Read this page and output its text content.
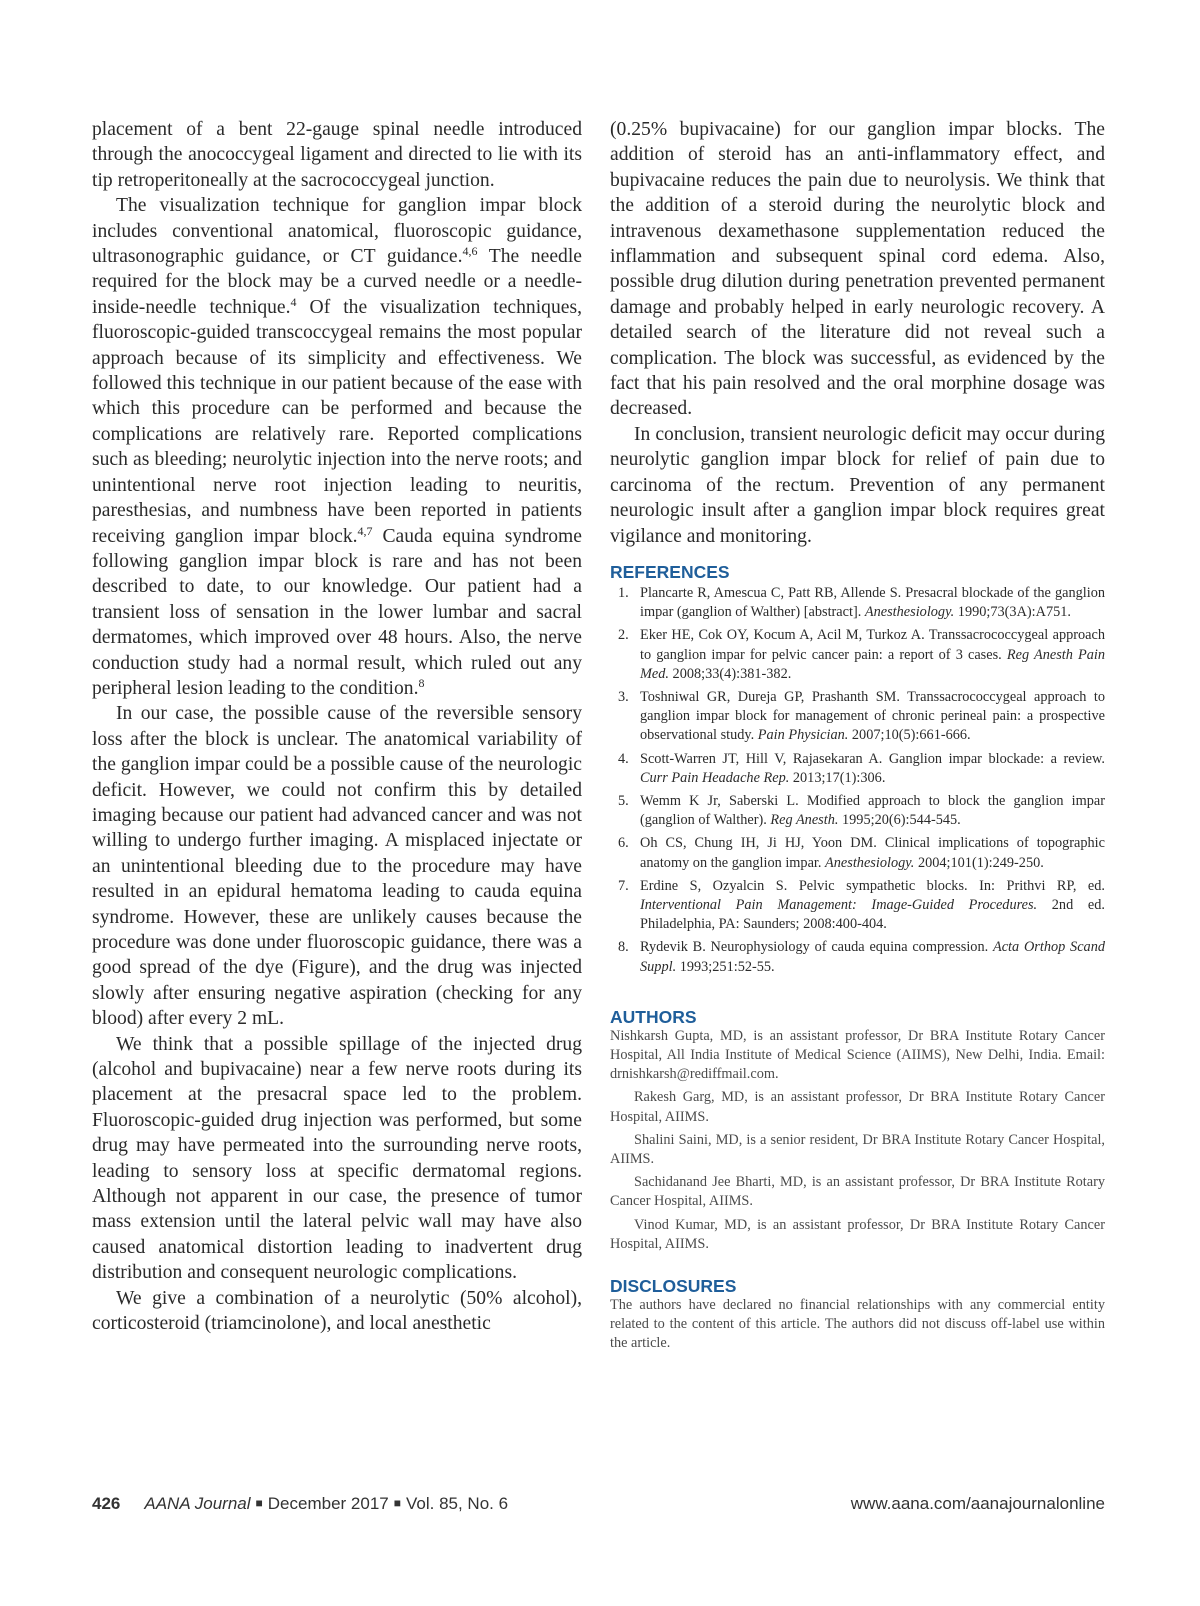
placement of a bent 22-gauge spinal needle introduced through the anococcygeal ligament and directed to lie with its tip retroperitoneally at the sacrococcygeal junction.

The visualization technique for ganglion impar block includes conventional anatomical, fluoroscopic guidance, ultrasonographic guidance, or CT guidance.$^{4,6}$ The needle required for the block may be a curved needle or a needle-inside-needle technique.$^4$ Of the visualization techniques, fluoroscopic-guided transcoccygeal remains the most popular approach because of its simplicity and effectiveness. We followed this technique in our patient because of the ease with which this procedure can be performed and because the complications are relatively rare. Reported complications such as bleeding; neurolytic injection into the nerve roots; and unintentional nerve root injection leading to neuritis, paresthesias, and numbness have been reported in patients receiving ganglion impar block.$^{4,7}$ Cauda equina syndrome following ganglion impar block is rare and has not been described to date, to our knowledge. Our patient had a transient loss of sensation in the lower lumbar and sacral dermatomes, which improved over 48 hours. Also, the nerve conduction study had a normal result, which ruled out any peripheral lesion leading to the condition.$^8$

In our case, the possible cause of the reversible sensory loss after the block is unclear. The anatomical variability of the ganglion impar could be a possible cause of the neurologic deficit. However, we could not confirm this by detailed imaging because our patient had advanced cancer and was not willing to undergo further imaging. A misplaced injectate or an unintentional bleeding due to the procedure may have resulted in an epidural hematoma leading to cauda equina syndrome. However, these are unlikely causes because the procedure was done under fluoroscopic guidance, there was a good spread of the dye (Figure), and the drug was injected slowly after ensuring negative aspiration (checking for any blood) after every 2 mL.

We think that a possible spillage of the injected drug (alcohol and bupivacaine) near a few nerve roots during its placement at the presacral space led to the problem. Fluoroscopic-guided drug injection was performed, but some drug may have permeated into the surrounding nerve roots, leading to sensory loss at specific dermatomal regions. Although not apparent in our case, the presence of tumor mass extension until the lateral pelvic wall may have also caused anatomical distortion leading to inadvertent drug distribution and consequent neurologic complications.

We give a combination of a neurolytic (50% alcohol), corticosteroid (triamcinolone), and local anesthetic

(0.25% bupivacaine) for our ganglion impar blocks. The addition of steroid has an anti-inflammatory effect, and bupivacaine reduces the pain due to neurolysis. We think that the addition of a steroid during the neurolytic block and intravenous dexamethasone supplementation reduced the inflammation and subsequent spinal cord edema. Also, possible drug dilution during penetration prevented permanent damage and probably helped in early neurologic recovery. A detailed search of the literature did not reveal such a complication. The block was successful, as evidenced by the fact that his pain resolved and the oral morphine dosage was decreased.

In conclusion, transient neurologic deficit may occur during neurolytic ganglion impar block for relief of pain due to carcinoma of the rectum. Prevention of any permanent neurologic insult after a ganglion impar block requires great vigilance and monitoring.

REFERENCES
1. Plancarte R, Amescua C, Patt RB, Allende S. Presacral blockade of the ganglion impar (ganglion of Walther) [abstract]. Anesthesiology. 1990;73(3A):A751.
2. Eker HE, Cok OY, Kocum A, Acil M, Turkoz A. Transsacrococcygeal approach to ganglion impar for pelvic cancer pain: a report of 3 cases. Reg Anesth Pain Med. 2008;33(4):381-382.
3. Toshniwal GR, Dureja GP, Prashanth SM. Transsacrococcygeal approach to ganglion impar block for management of chronic perineal pain: a prospective observational study. Pain Physician. 2007;10(5):661-666.
4. Scott-Warren JT, Hill V, Rajasekaran A. Ganglion impar blockade: a review. Curr Pain Headache Rep. 2013;17(1):306.
5. Wemm K Jr, Saberski L. Modified approach to block the ganglion impar (ganglion of Walther). Reg Anesth. 1995;20(6):544-545.
6. Oh CS, Chung IH, Ji HJ, Yoon DM. Clinical implications of topographic anatomy on the ganglion impar. Anesthesiology. 2004;101(1):249-250.
7. Erdine S, Ozyalcin S. Pelvic sympathetic blocks. In: Prithvi RP, ed. Interventional Pain Management: Image-Guided Procedures. 2nd ed. Philadelphia, PA: Saunders; 2008:400-404.
8. Rydevik B. Neurophysiology of cauda equina compression. Acta Orthop Scand Suppl. 1993;251:52-55.
AUTHORS

Nishkarsh Gupta, MD, is an assistant professor, Dr BRA Institute Rotary Cancer Hospital, All India Institute of Medical Science (AIIMS), New Delhi, India. Email: drnishkarsh@rediffmail.com.

Rakesh Garg, MD, is an assistant professor, Dr BRA Institute Rotary Cancer Hospital, AIIMS.

Shalini Saini, MD, is a senior resident, Dr BRA Institute Rotary Cancer Hospital, AIIMS.

Sachidanand Jee Bharti, MD, is an assistant professor, Dr BRA Institute Rotary Cancer Hospital, AIIMS.

Vinod Kumar, MD, is an assistant professor, Dr BRA Institute Rotary Cancer Hospital, AIIMS.

DISCLOSURES

The authors have declared no financial relationships with any commercial entity related to the content of this article. The authors did not discuss off-label use within the article.

426 AANA Journal ■ December 2017 ■ Vol. 85, No. 6	www.aana.com/aanajournalonline
